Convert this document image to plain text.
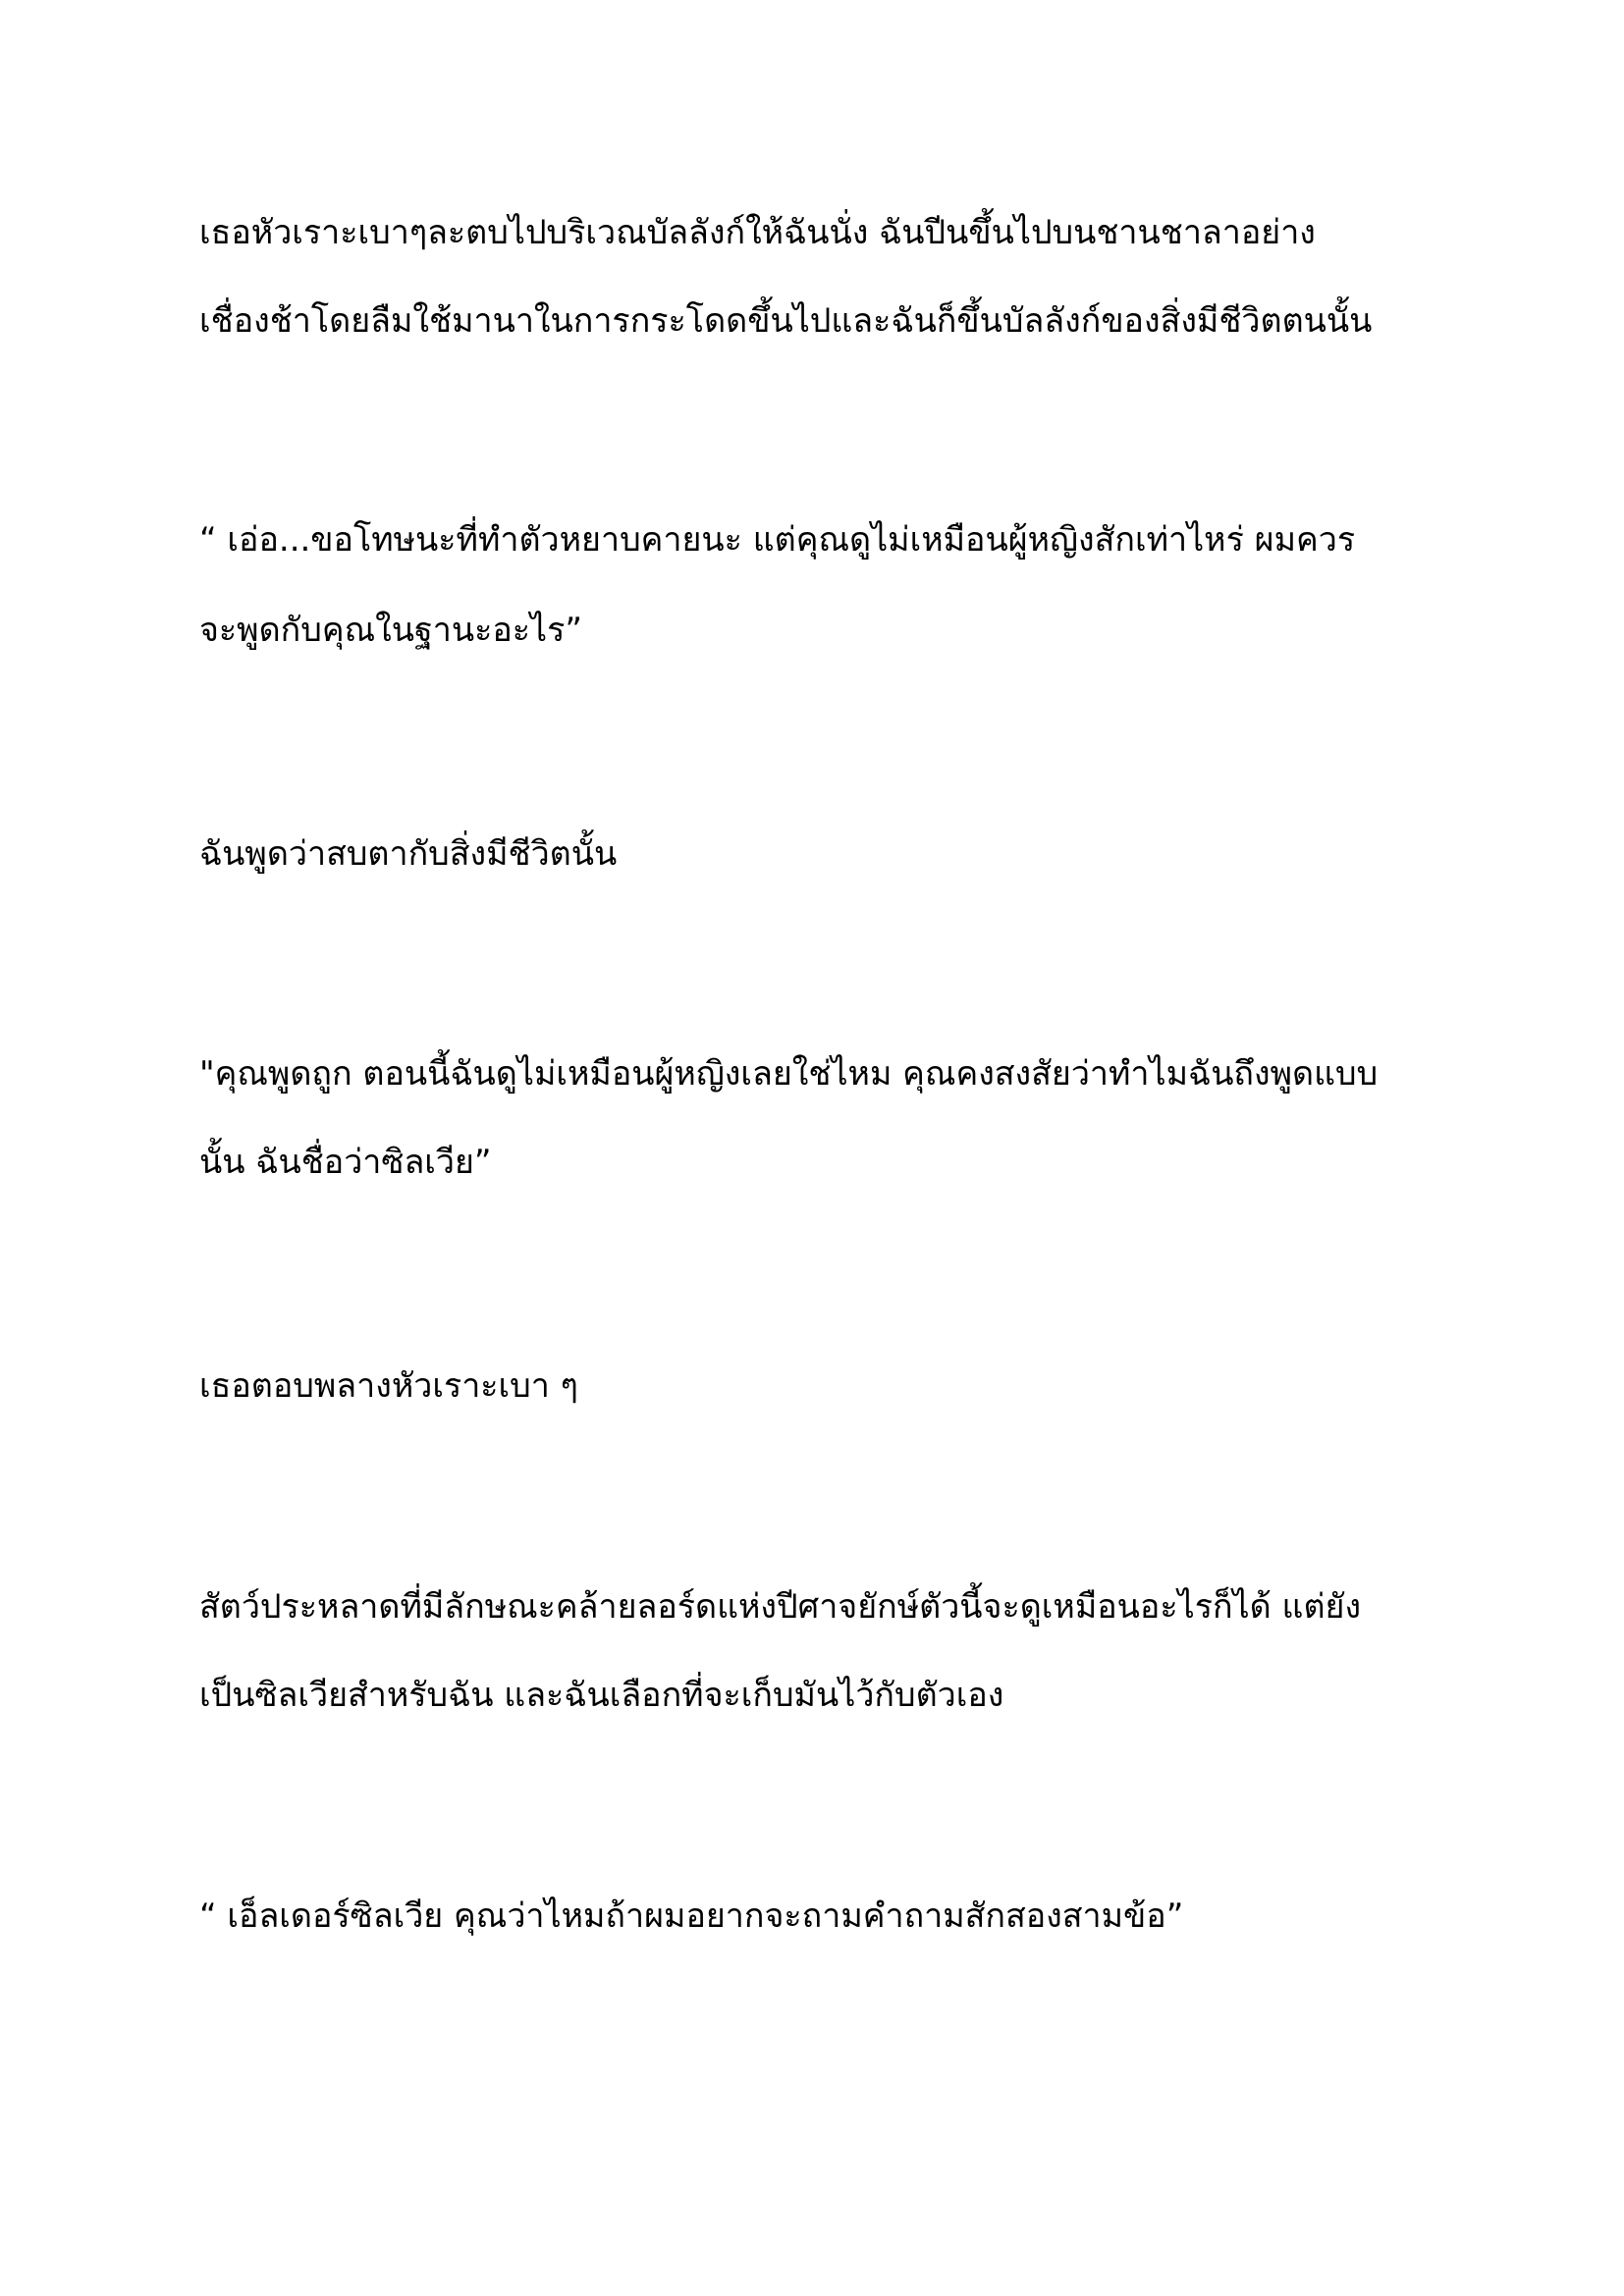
เธอหัวเราะเบาๆละตบไปบริเวณบัลลังก์ให้ฉันนั่ง ฉันปีนขึ้นไปบนชานชาลาอย่าง
เชื่องช้าโดยลืมใช้มานาในการกระโดดขึ้นไปและฉันก็ขึ้นบัลลังก์ของสิ่งมีชีวิตตนนั้น
“ เอ่อ...ขอโทษนะที่ทำตัวหยาบคายนะ แต่คุณดูไม่เหมือนผู้หญิงสักเท่าไหร่ ผมควร
จะพูดกับคุณในฐานะอะไร”
ฉันพูดว่าสบตากับสิ่งมีชีวิตนั้น
"คุณพูดถูก ตอนนี้ฉันดูไม่เหมือนผู้หญิงเลยใช่ไหม คุณคงสงสัยว่าทำไมฉันถึงพูดแบบ
นั้น ฉันชื่อว่าซิลเวีย”
เธอตอบพลางหัวเราะเบา ๆ
สัตว์ประหลาดที่มีลักษณะคล้ายลอร์ดแห่งปีศาจยักษ์ตัวนี้จะดูเหมือนอะไรก็ได้ แต่ยัง
เป็นซิลเวียสำหรับฉัน และฉันเลือกที่จะเก็บมันไว้กับตัวเอง
“ เอ็ลเดอร์ซิลเวีย คุณว่าไหมถ้าผมอยากจะถามคำถามสักสองสามข้อ”
